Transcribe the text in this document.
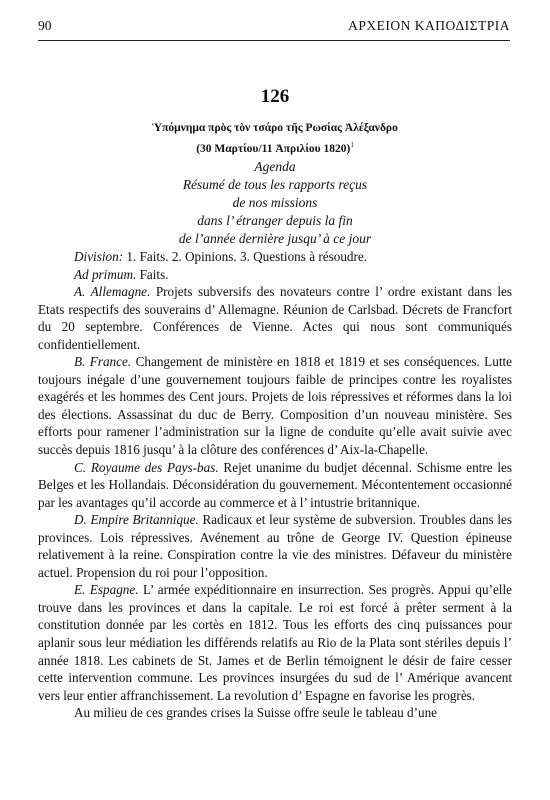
90	ΑΡΧΕΙΟΝ ΚΑΠΟΔΙΣΤΡΙΑ
126
Ὑπόμνημα πρὸς τὸν τσάρο τῆς Ρωσίας Ἀλέξανδρο
(30 Μαρτίου/11 Ἀπριλίου 1820)$^1$
Agenda
Résumé de tous les rapports reçus
de nos missions
dans l’ étranger depuis la fin
de l’année dernière jusqu’ à ce jour

Division: 1. Faits. 2. Opinions. 3. Questions à résoudre.

Ad primum. Faits.

A. Allemagne. Projets subversifs des novateurs contre l’ ordre existant dans les Etats respectifs des souverains d’ Allemagne. Réunion de Carlsbad. Décrets de Francfort du 20 septembre. Conférences de Vienne. Actes qui nous sont communiqués confidentiellement.

B. France. Changement de ministère en 1818 et 1819 et ses conséquences. Lutte toujours inégale d’une gouvernement toujours faible de principes contre les royalistes exagérés et les hommes des Cent jours. Projets de lois répressives et réformes dans la loi des élections. Assassinat du duc de Berry. Composition d’un nouveau ministère. Ses efforts pour ramener l’administration sur la ligne de conduite qu’elle avait suivie avec succès depuis 1816 jusqu’ à la clôture des conférences d’ Aix-la-Chapelle.

C. Royaume des Pays-bas. Rejet unanime du budjet décennal. Schisme entre les Belges et les Hollandais. Déconsidération du gouvernement. Mécontentement occasionné par les avantages qu’il accorde au commerce et à l’ intustrie britannique.

D. Empire Britannique. Radicaux et leur système de subversion. Troubles dans les provinces. Lois répressives. Avénement au trône de George IV. Question épineuse relativement à la reine. Conspiration contre la vie des ministres. Défaveur du ministère actuel. Propension du roi pour l’opposition.

E. Espagne. L’ armée expéditionnaire en insurrection. Ses progrès. Appui qu’elle trouve dans les provinces et dans la capitale. Le roi est forcé à prêter serment à la constitution donnée par les cortès en 1812. Tous les efforts des cinq puissances pour aplanir sous leur médiation les différends relatifs au Rio de la Plata sont stériles depuis l’ année 1818. Les cabinets de St. James et de Berlin témoignent le désir de faire cesser cette intervention commune. Les provinces insurgées du sud de l’ Amérique avancent vers leur entier affranchissement. La revolution d’ Espagne en favorise les progrès.

Au milieu de ces grandes crises la Suisse offre seule le tableau d’une
